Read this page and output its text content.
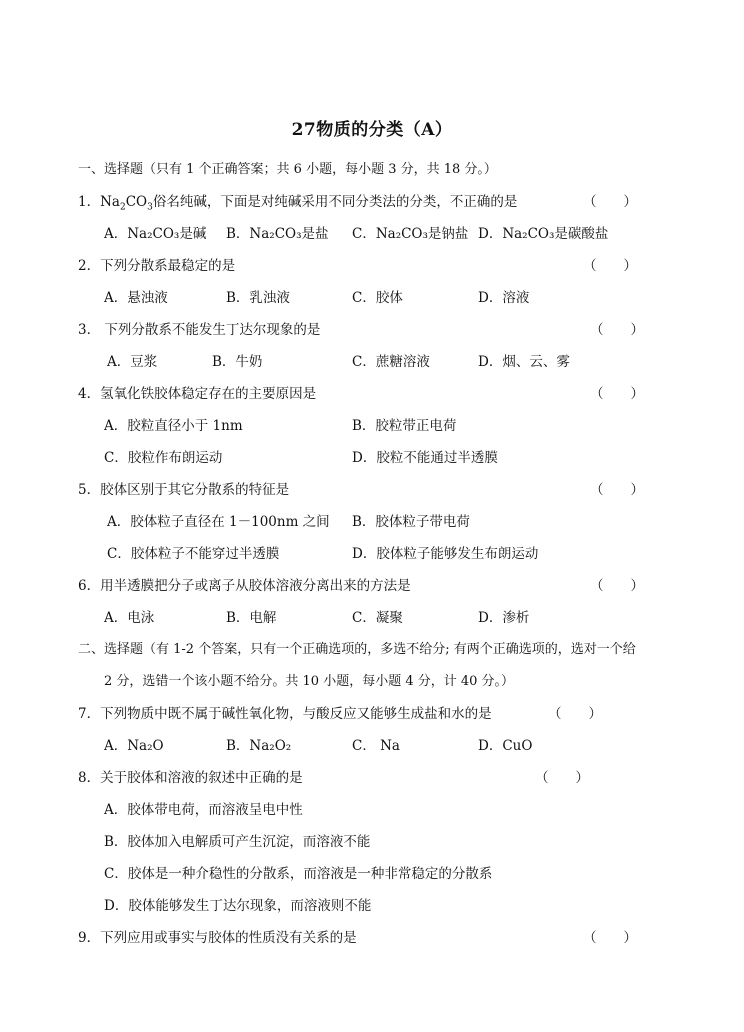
27物质的分类（A）
一、选择题（只有 1 个正确答案；共 6 小题，每小题 3 分，共 18 分。）
1．$Na_2CO_3$俗名纯碱，下面是对纯碱采用不同分类法的分类，不正确的是	（　　）
A．Na₂CO₃是碱 B．Na₂CO₃是盐 C．Na₂CO₃是钠盐 D．Na₂CO₃是碳酸盐
2．下列分散系最稳定的是	（　　）
A．悬浊液	B．乳浊液	C．胶体	D．溶液
3． 下列分散系不能发生丁达尔现象的是	（　　）
A．豆浆	B．牛奶	C．蔗糖溶液	D．烟、云、雾
4．氢氧化铁胶体稳定存在的主要原因是	（　　）
A．胶粒直径小于 1nm	B．胶粒带正电荷
C．胶粒作布朗运动	D．胶粒不能通过半透膜
5．胶体区别于其它分散系的特征是	（　　）
A．胶体粒子直径在 1－100nm 之间 B．胶体粒子带电荷
C．胶体粒子不能穿过半透膜	D．胶体粒子能够发生布朗运动
6．用半透膜把分子或离子从胶体溶液分离出来的方法是	（　　）
A．电泳	B．电解	C．凝聚	D．渗析
二、选择题（有 1-2 个答案，只有一个正确选项的，多选不给分; 有两个正确选项的，选对一个给
2 分，选错一个该小题不给分。共 10 小题，每小题 4 分，计 40 分。）
7．下列物质中既不属于碱性氧化物，与酸反应又能够生成盐和水的是	（　　）
A．Na₂O	B．Na₂O₂	C． Na	D．CuO
8．关于胶体和溶液的叙述中正确的是	（　　）
A．胶体带电荷，而溶液呈电中性
B．胶体加入电解质可产生沉淀，而溶液不能
C．胶体是一种介稳性的分散系，而溶液是一种非常稳定的分散系
D．胶体能够发生丁达尔现象，而溶液则不能
9．下列应用或事实与胶体的性质没有关系的是	（　　）
